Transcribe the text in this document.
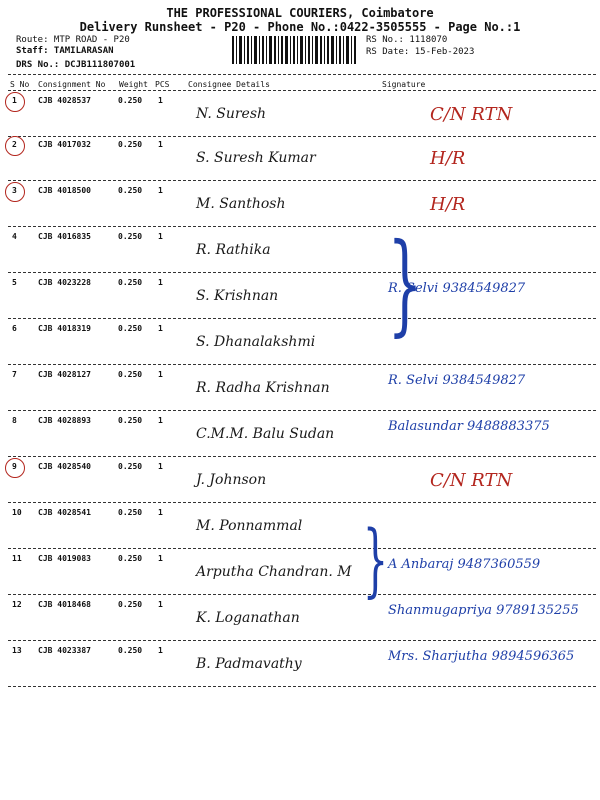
THE PROFESSIONAL COURIERS, Coimbatore
Delivery Runsheet - P20 - Phone No.:0422-3505555 - Page No.:1
Route: MTP ROAD - P20
Staff: TAMILARASAN
DRS No.: DCJB111807001
RS No.: 1118070
RS Date: 15-Feb-2023
S No Consignment No Weight PCS Consignee Details	Signature
1	CJB 4028537	0.250 1
N. Suresh	C/N RTN
2	CJB 4017032	0.250 1
S. Suresh Kumar	H/R
3	CJB 4018500	0.250 1
M. Santhosh	H/R
4	CJB 4016835	0.250 1
R. Rathika
5	CJB 4023228	0.250 1
S. Krishnan	R. Selvi 9384549827
6	CJB 4018319	0.250 1
S. Dhanalakshmi
7	CJB 4028127	0.250 1
R. Radha Krishnan	R. Selvi 9384549827
8	CJB 4028893	0.250 1
C.M.M. Balu Sudan	Balasundar 9488883375
9	CJB 4028540	0.250 1
J. Johnson	C/N RTN
10 CJB 4028541	0.250 1
M. Ponnammal
11 CJB 4019083	0.250 1
Arputha Chandran. M	A Anbaraj 9487360559
12 CJB 4018468	0.250 1
K. Loganathan	Shanmugapriya 9789135255
13 CJB 4023387	0.250 1
B. Padmavathy	Mrs. Sharjutha 9894596365
}
}
